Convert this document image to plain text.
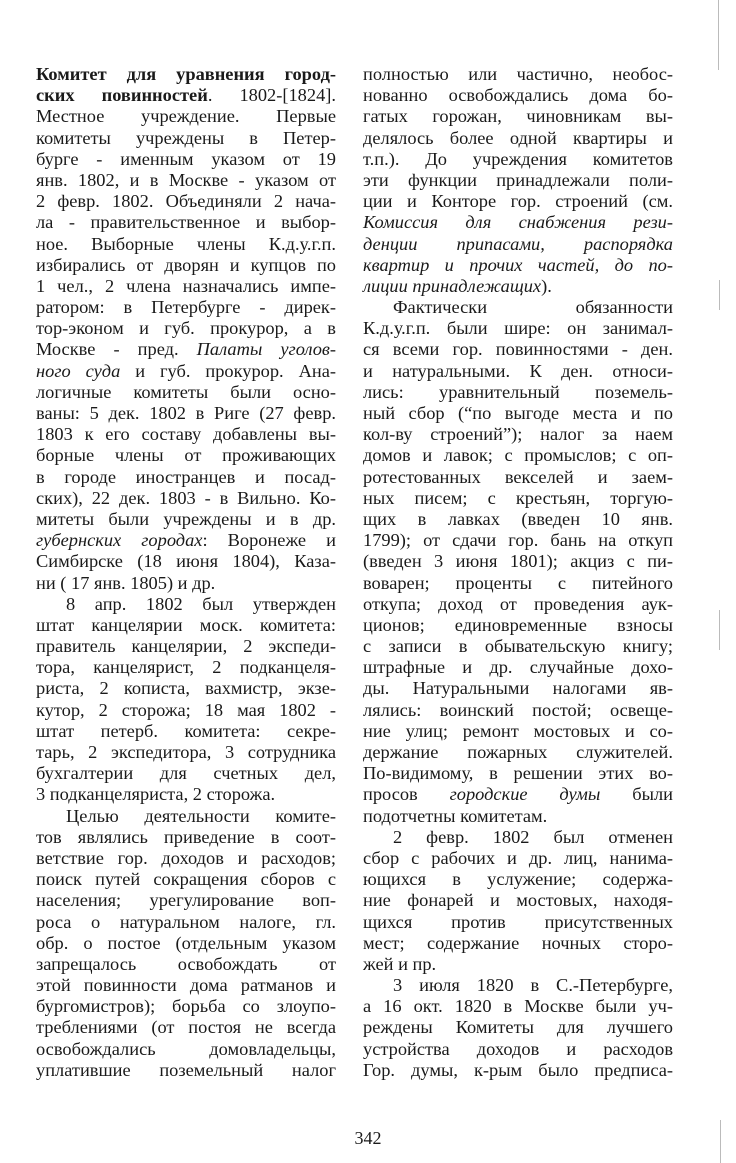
Комитет для уравнения город-
ских повинностей. 1802-[1824].
Местное учреждение. Первые
комитеты учреждены в Петер-
бурге - именным указом от 19
янв. 1802, и в Москве - указом от
2 февр. 1802. Объединяли 2 нача-
ла - правительственное и выбор-
ное. Выборные члены К.д.у.г.п.
избирались от дворян и купцов по
1 чел., 2 члена назначались импе-
ратором: в Петербурге - дирек-
тор-эконом и губ. прокурор, а в
Москве - пред. Палаты уголов-
ного суда и губ. прокурор. Ана-
логичные комитеты были осно-
ваны: 5 дек. 1802 в Риге (27 февр.
1803 к его составу добавлены вы-
борные члены от проживающих
в городе иностранцев и посад-
ских), 22 дек. 1803 - в Вильно. Ко-
митеты были учреждены и в др.
губернских городах: Воронеже и
Симбирске (18 июня 1804), Каза-
ни ( 17 янв. 1805) и др.
8 апр. 1802 был утвержден
штат канцелярии моск. комитета:
правитель канцелярии, 2 экспеди-
тора, канцелярист, 2 подканцеля-
риста, 2 кописта, вахмистр, экзе-
кутор, 2 сторожа; 18 мая 1802 -
штат петерб. комитета: секре-
тарь, 2 экспедитора, 3 сотрудника
бухгалтерии для счетных дел,
3 подканцеляриста, 2 сторожа.
Целью деятельности комите-
тов являлись приведение в соот-
ветствие гор. доходов и расходов;
поиск путей сокращения сборов с
населения; урегулирование воп-
роса о натуральном налоге, гл.
обр. о постое (отдельным указом
запрещалось освобождать от
этой повинности дома ратманов и
бургомистров); борьба со злоупо-
треблениями (от постоя не всегда
освобождались домовладельцы,
уплатившие поземельный налог
полностью или частично, необос-
нованно освобождались дома бо-
гатых горожан, чиновникам вы-
делялось более одной квартиры и
т.п.). До учреждения комитетов
эти функции принадлежали поли-
ции и Конторе гор. строений (см.
Комиссия для снабжения рези-
денции припасами, распорядка
квартир и прочих частей, до по-
лиции принадлежащих).
Фактически обязанности
К.д.у.г.п. были шире: он занимал-
ся всеми гор. повинностями - ден.
и натуральными. К ден. относи-
лись: уравнительный поземель-
ный сбор (“по выгоде места и по
кол-ву строений”); налог за наем
домов и лавок; с промыслов; с оп-
ротестованных векселей и заем-
ных писем; с крестьян, торгую-
щих в лавках (введен 10 янв.
1799); от сдачи гор. бань на откуп
(введен 3 июня 1801); акциз с пи-
воварен; проценты с питейного
откупа; доход от проведения аук-
ционов; единовременные взносы
с записи в обывательскую книгу;
штрафные и др. случайные дохо-
ды. Натуральными налогами яв-
лялись: воинский постой; освеще-
ние улиц; ремонт мостовых и со-
держание пожарных служителей.
По-видимому, в решении этих во-
просов городские думы были
подотчетны комитетам.
2 февр. 1802 был отменен
сбор с рабочих и др. лиц, нанима-
ющихся в услужение; содержа-
ние фонарей и мостовых, находя-
щихся против присутственных
мест; содержание ночных сторо-
жей и пр.
3 июля 1820 в С.-Петербурге,
а 16 окт. 1820 в Москве были уч-
реждены Комитеты для лучшего
устройства доходов и расходов
Гор. думы, к-рым было предписа-
342
